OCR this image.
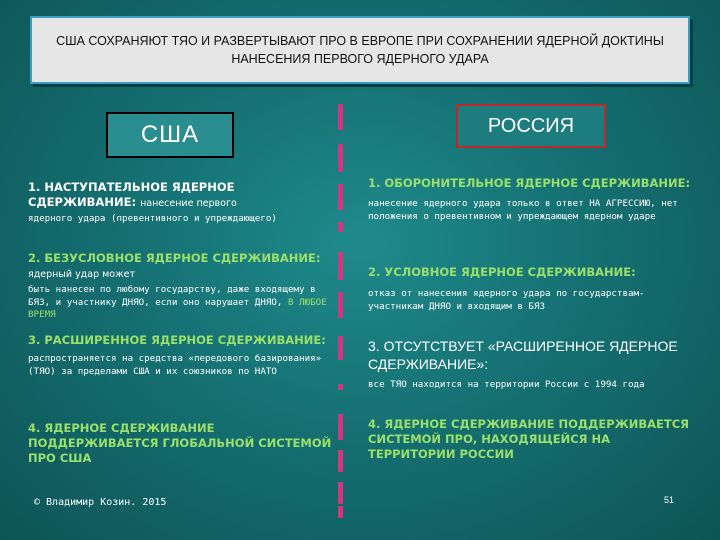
США СОХРАНЯЮТ ТЯО И РАЗВЕРТЫВАЮТ ПРО В ЕВРОПЕ ПРИ СОХРАНЕНИИ ЯДЕРНОЙ ДОКТИНЫ НАНЕСЕНИЯ ПЕРВОГО ЯДЕРНОГО УДАРА
США	РОССИЯ
1. НАСТУПАТЕЛЬНОЕ ЯДЕРНОЕ СДЕРЖИВАНИЕ: нанесение первого
ядерного удара (превентивного и упреждающего)
2. БЕЗУСЛОВНОЕ ЯДЕРНОЕ СДЕРЖИВАНИЕ: ядерный удар может
быть нанесен по любому государству, даже входящему в БЯЗ, и участнику ДНЯО, если оно нарушает ДНЯО, В ЛЮБОЕ ВРЕМЯ
3. РАСШИРЕННОЕ ЯДЕРНОЕ СДЕРЖИВАНИЕ:
распространяется на средства «передового базирования» (ТЯО) за пределами США и их союзников по НАТО
4. ЯДЕРНОЕ СДЕРЖИВАНИЕ ПОДДЕРЖИВАЕТСЯ ГЛОБАЛЬНОЙ СИСТЕМОЙ ПРО США
1. ОБОРОНИТЕЛЬНОЕ ЯДЕРНОЕ СДЕРЖИВАНИЕ:
нанесение ядерного удара только в ответ НА АГРЕССИЮ, нет положения о превентивном и упреждающем ядерном ударе
2. УСЛОВНОЕ ЯДЕРНОЕ СДЕРЖИВАНИЕ:
отказ от нанесения ядерного удара по государствам-участникам ДНЯО и входящим в БЯЗ
3. ОТСУТСТВУЕТ «РАСШИРЕННОЕ ЯДЕРНОЕ СДЕРЖИВАНИЕ»:
все ТЯО находится на территории России с 1994 года
4. ЯДЕРНОЕ СДЕРЖИВАНИЕ ПОДДЕРЖИВАЕТСЯ СИСТЕМОЙ ПРО, НАХОДЯЩЕЙСЯ НА ТЕРРИТОРИИ РОССИИ
© Владимир Козин. 2015	51
